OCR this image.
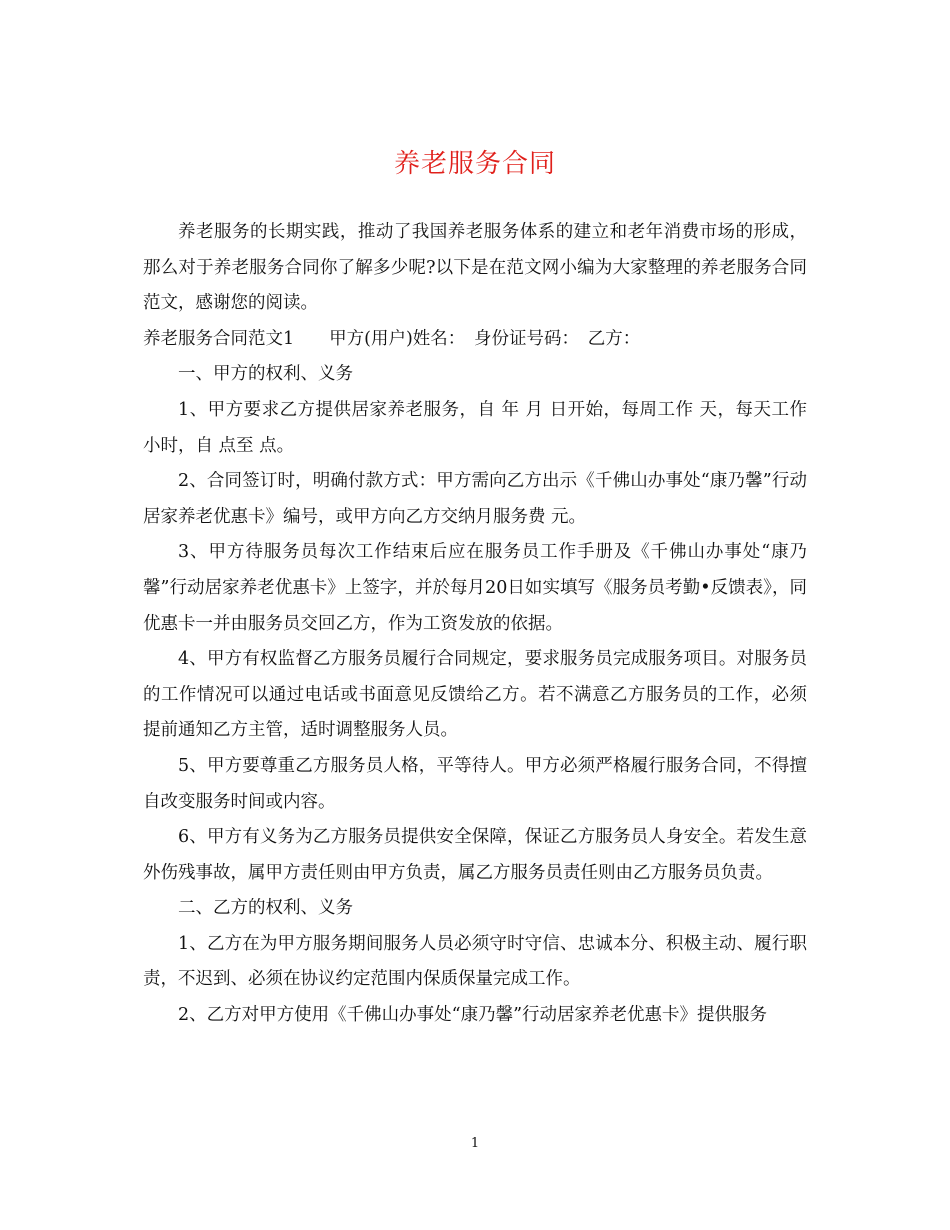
养老服务合同

养老服务的长期实践，推动了我国养老服务体系的建立和老年消费市场的形成，那么对于养老服务合同你了解多少呢?以下是在范文网小编为大家整理的养老服务合同范文，感谢您的阅读。

养老服务合同范文1　　甲方(用户)姓名：　身份证号码：　乙方：

一、甲方的权利、义务

1、甲方要求乙方提供居家养老服务，自 年 月 日开始，每周工作 天，每天工作 小时，自 点至 点。

2、合同签订时，明确付款方式：甲方需向乙方出示《千佛山办事处“康乃馨”行动居家养老优惠卡》编号，或甲方向乙方交纳月服务费 元。

3、甲方待服务员每次工作结束后应在服务员工作手册及《千佛山办事处“康乃馨”行动居家养老优惠卡》上签字，并於每月20日如实填写《服务员考勤•反馈表》，同优惠卡一并由服务员交回乙方，作为工资发放的依据。

4、甲方有权监督乙方服务员履行合同规定，要求服务员完成服务项目。对服务员的工作情况可以通过电话或书面意见反馈给乙方。若不满意乙方服务员的工作，必须提前通知乙方主管，适时调整服务人员。

5、甲方要尊重乙方服务员人格，平等待人。甲方必须严格履行服务合同，不得擅自改变服务时间或内容。

6、甲方有义务为乙方服务员提供安全保障，保证乙方服务员人身安全。若发生意外伤残事故，属甲方责任则由甲方负责，属乙方服务员责任则由乙方服务员负责。

二、乙方的权利、义务

1、乙方在为甲方服务期间服务人员必须守时守信、忠诚本分、积极主动、履行职责，不迟到、必须在协议约定范围内保质保量完成工作。

2、乙方对甲方使用《千佛山办事处“康乃馨”行动居家养老优惠卡》提供服务

1
